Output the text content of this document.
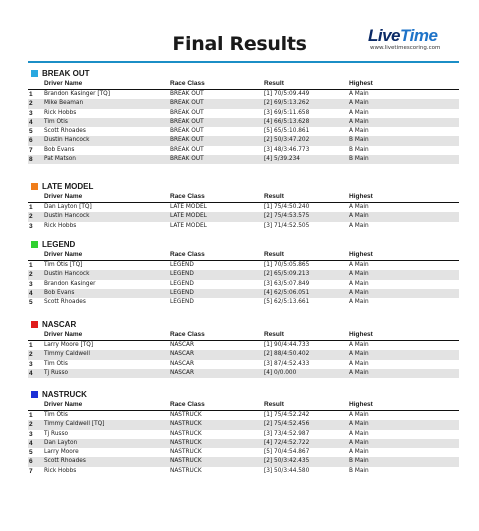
Final Results	LiveTime
www.livetimescoring.com
BREAK OUT
Driver Name	Race Class	Result	Highest
1 Brandon Kasinger [TQ]	BREAK OUT	[1] 70/5:09.449	A Main
2 Mike Beaman	BREAK OUT	[2] 69/5:13.262	A Main
3 Rick Hobbs	BREAK OUT	[3] 69/5:11.658	A Main
4 Tim Otis	BREAK OUT	[4] 66/5:13.628	A Main
5 Scott Rhoades	BREAK OUT	[5] 65/5:10.861	A Main
6 Dustin Hancock	BREAK OUT	[2] 50/3:47.202	B Main
7 Bob Evans	BREAK OUT	[3] 48/3:46.773	B Main
8 Pat Matson	BREAK OUT	[4] 5/39.234	B Main
LATE MODEL
Driver Name	Race Class	Result	Highest
1 Dan Layton [TQ]	LATE MODEL	[1] 75/4:50.240	A Main
2 Dustin Hancock	LATE MODEL	[2] 75/4:53.575	A Main
3 Rick Hobbs	LATE MODEL	[3] 71/4:52.505	A Main
LEGEND
Driver Name	Race Class	Result	Highest
1 Tim Otis [TQ]	LEGEND	[1] 70/5:05.865	A Main
2 Dustin Hancock	LEGEND	[2] 65/5:09.213	A Main
3 Brandon Kasinger	LEGEND	[3] 63/5:07.849	A Main
4 Bob Evans	LEGEND	[4] 62/5:06.051	A Main
5 Scott Rhoades	LEGEND	[5] 62/5:13.661	A Main
NASCAR
Driver Name	Race Class	Result	Highest
1 Larry Moore [TQ]	NASCAR	[1] 90/4:44.733	A Main
2 Timmy Caldwell	NASCAR	[2] 88/4:50.402	A Main
3 Tim Otis	NASCAR	[3] 87/4:52.433	A Main
4 Tj Russo	NASCAR	[4] 0/0.000	A Main
NASTRUCK
Driver Name	Race Class	Result	Highest
1 Tim Otis	NASTRUCK	[1] 75/4:52.242	A Main
2 Timmy Caldwell [TQ]	NASTRUCK	[2] 75/4:52.456	A Main
3 Tj Russo	NASTRUCK	[3] 73/4:52.987	A Main
4 Dan Layton	NASTRUCK	[4] 72/4:52.722	A Main
5 Larry Moore	NASTRUCK	[5] 70/4:54.867	A Main
6 Scott Rhoades	NASTRUCK	[2] 50/3:42.435	B Main
7 Rick Hobbs	NASTRUCK	[3] 50/3:44.580	B Main
